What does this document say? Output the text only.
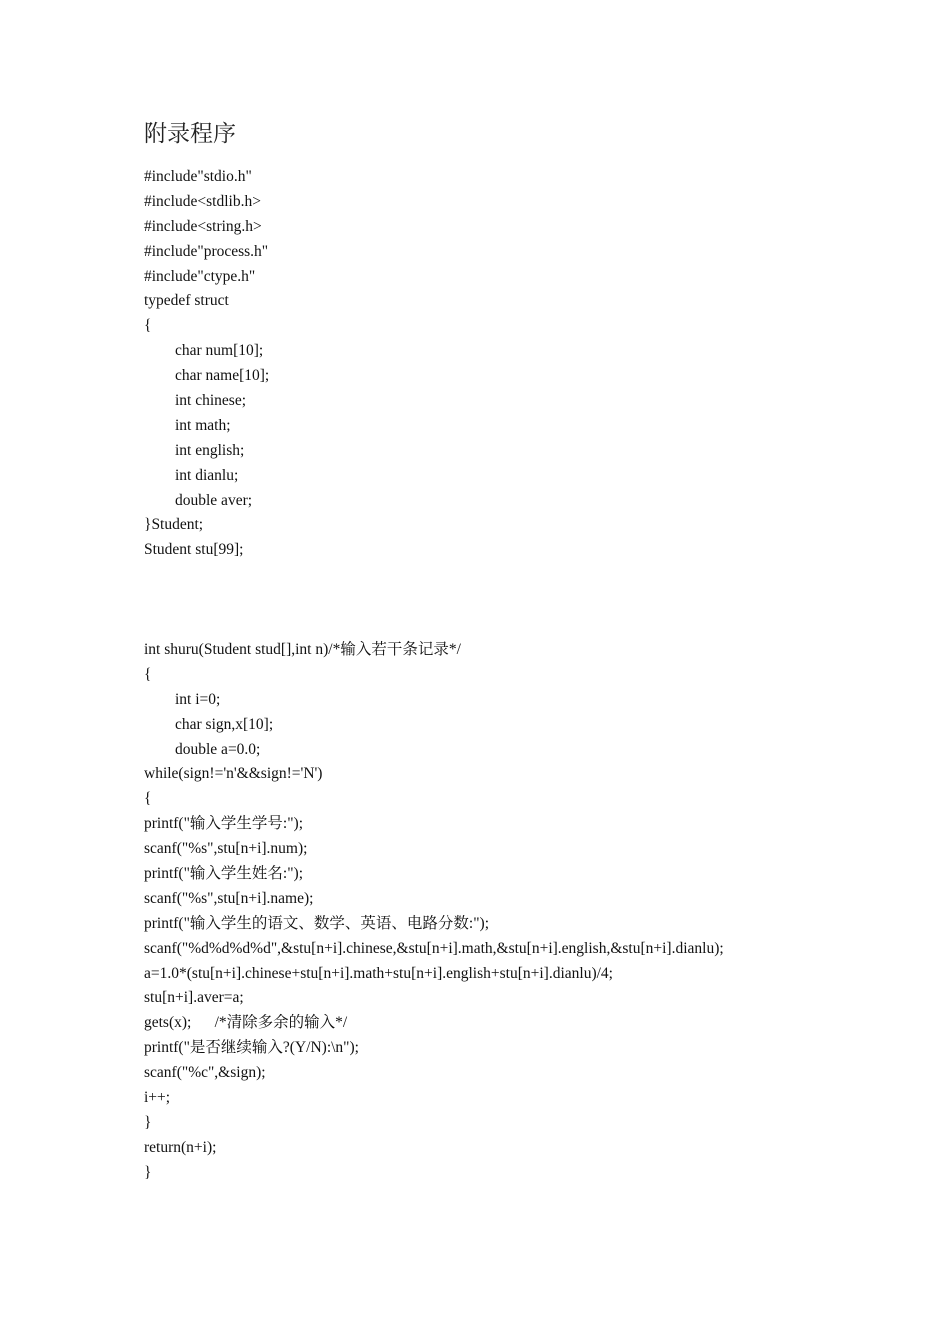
附录程序
#include"stdio.h"
#include<stdlib.h>
#include<string.h>
#include"process.h"
#include"ctype.h"
typedef struct
{
char num[10];
char name[10];
int chinese;
int math;
int english;
int dianlu;
double aver;
}Student;
Student stu[99];
int shuru(Student stud[],int n)/*输入若干条记录*/
{
int i=0;
char sign,x[10];
double a=0.0;
while(sign!='n'&&sign!='N')
{
printf("输入学生学号:");
scanf("%s",stu[n+i].num);
printf("输入学生姓名:");
scanf("%s",stu[n+i].name);
printf("输入学生的语文、数学、英语、电路分数:");
scanf("%d%d%d%d",&stu[n+i].chinese,&stu[n+i].math,&stu[n+i].english,&stu[n+i].dianlu);
a=1.0*(stu[n+i].chinese+stu[n+i].math+stu[n+i].english+stu[n+i].dianlu)/4;
stu[n+i].aver=a;
gets(x);      /*清除多余的输入*/
printf("是否继续输入?(Y/N):\n");
scanf("%c",&sign);
i++;
}
return(n+i);
}
